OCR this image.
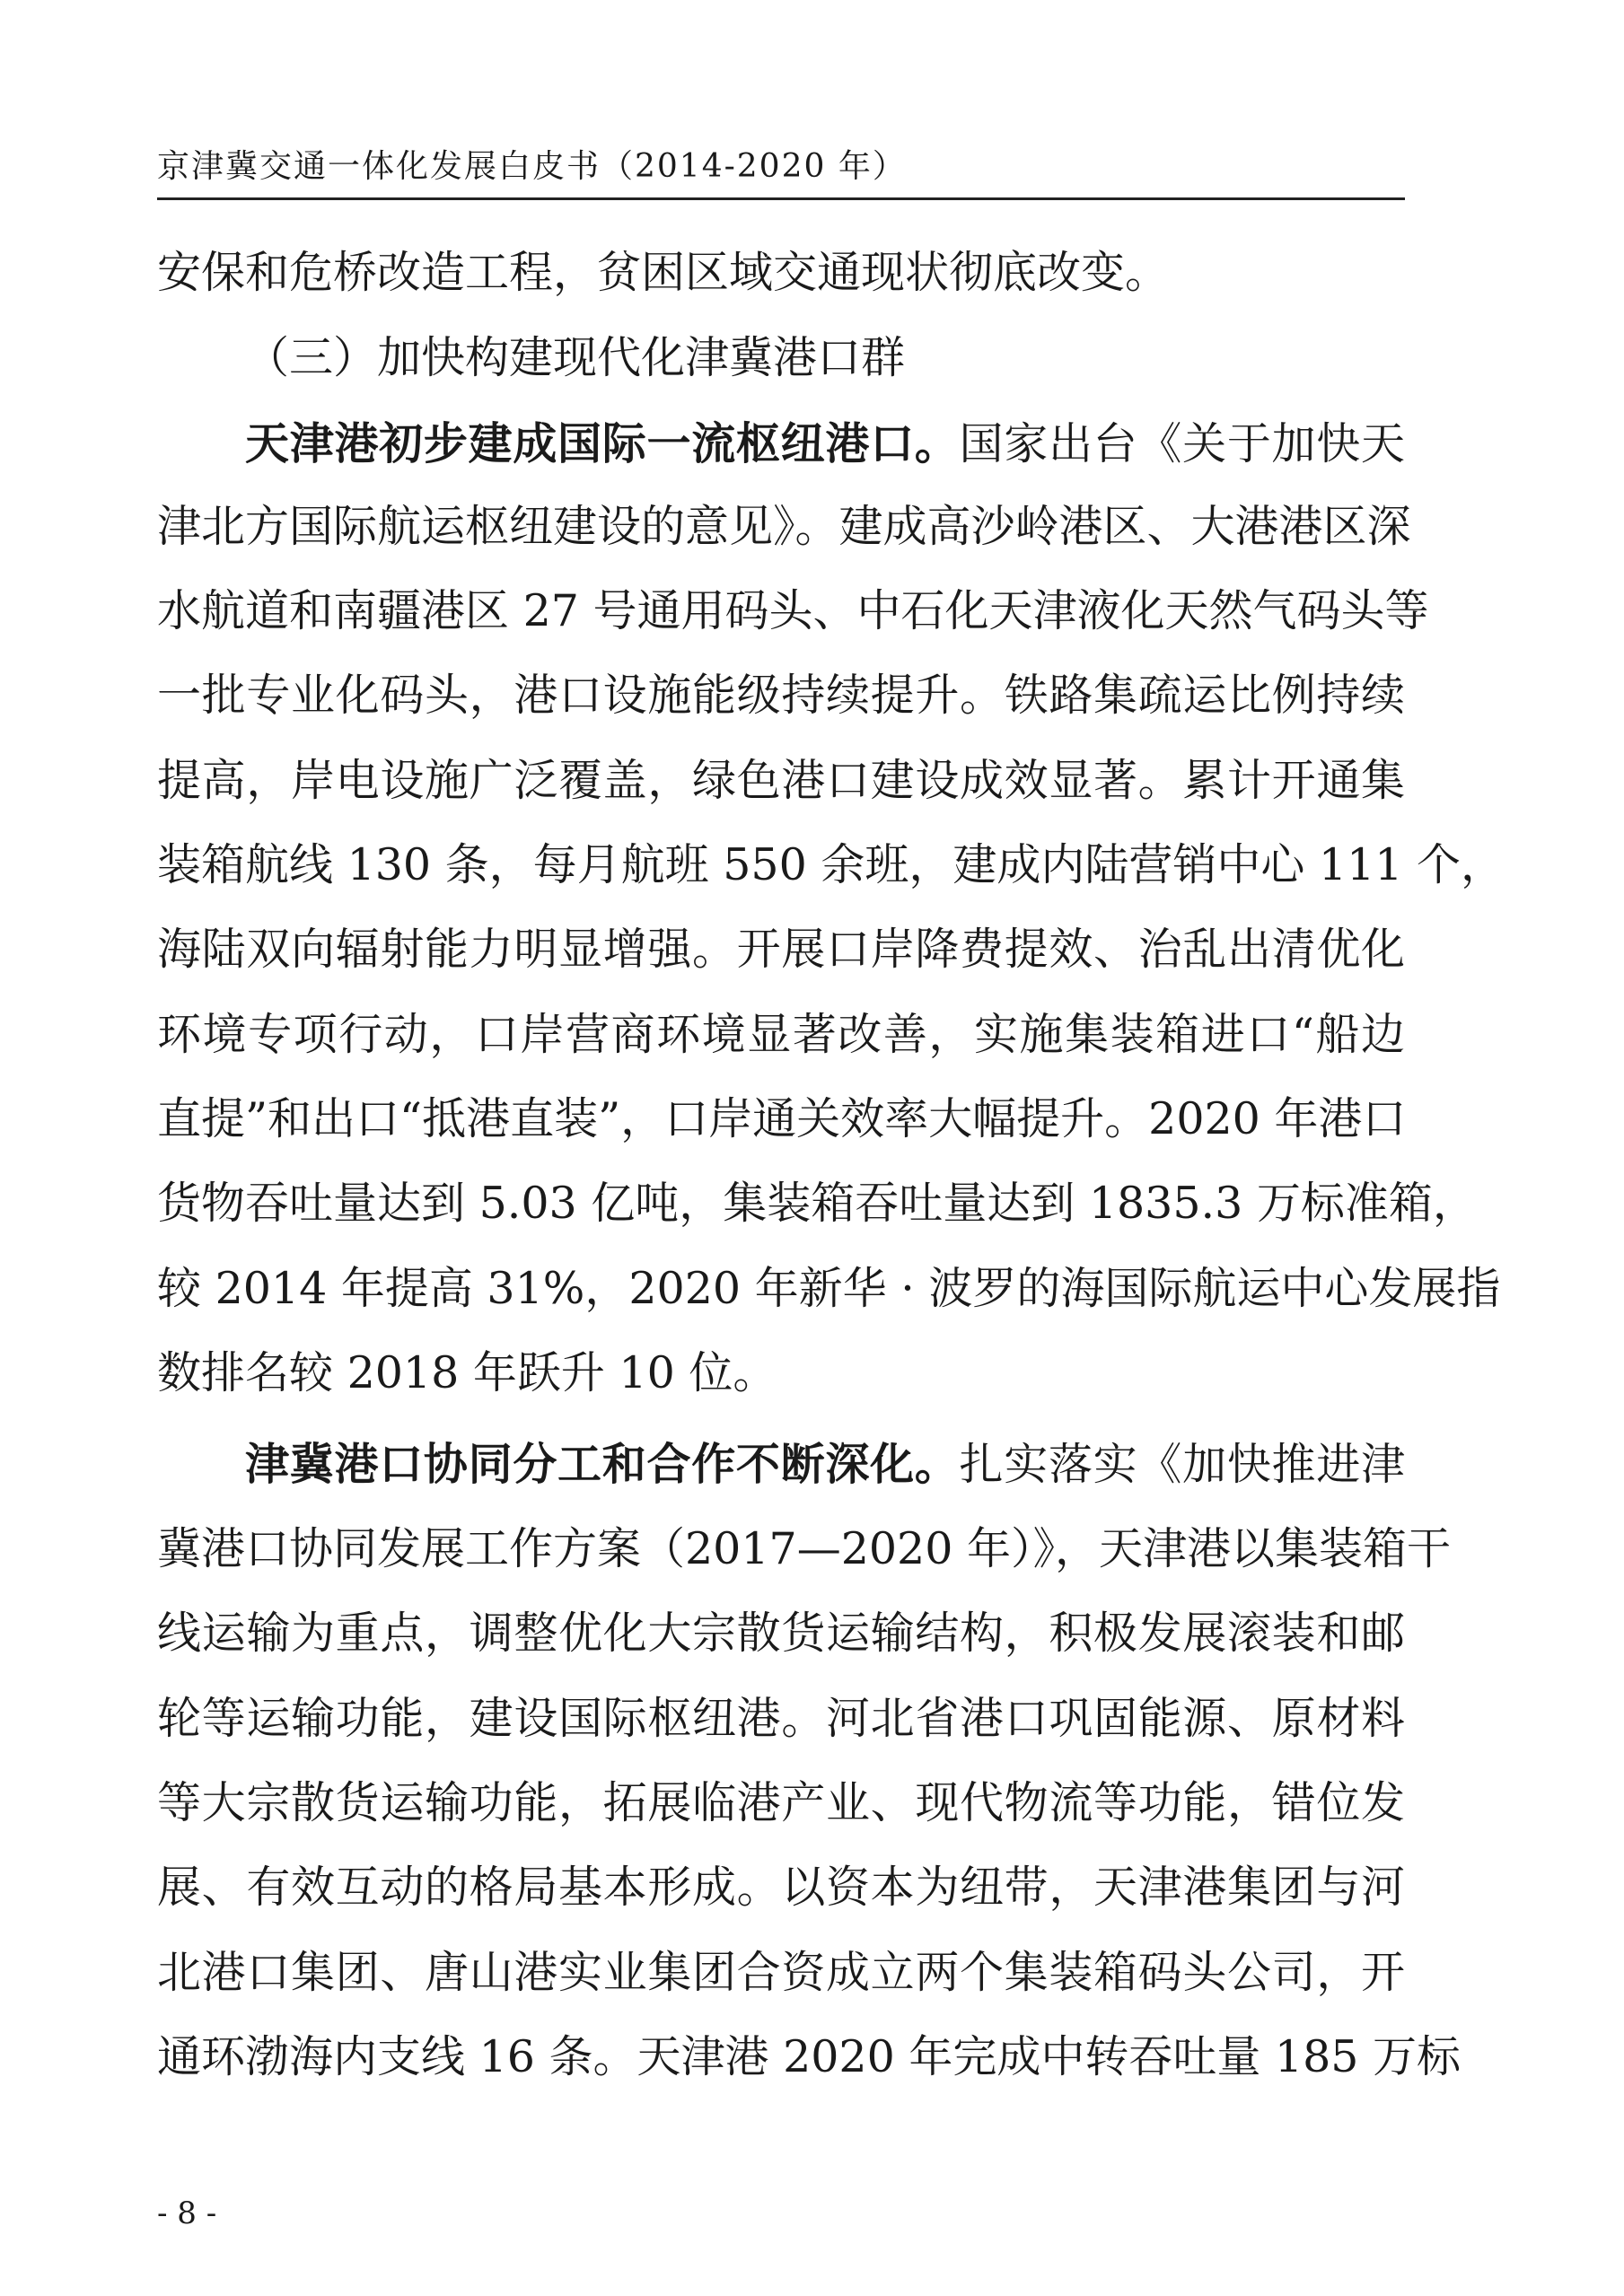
京津冀交通一体化发展白皮书（2014-2020 年）
安保和危桥改造工程，贫困区域交通现状彻底改变。
（三）加快构建现代化津冀港口群
天津港初步建成国际一流枢纽港口。国家出台《关于加快天
津北方国际航运枢纽建设的意见》。建成高沙岭港区、大港港区深
水航道和南疆港区 27 号通用码头、中石化天津液化天然气码头等
一批专业化码头，港口设施能级持续提升。铁路集疏运比例持续
提高，岸电设施广泛覆盖，绿色港口建设成效显著。累计开通集
装箱航线 130 条，每月航班 550 余班，建成内陆营销中心 111 个，
海陆双向辐射能力明显增强。开展口岸降费提效、治乱出清优化
环境专项行动，口岸营商环境显著改善，实施集装箱进口“船边
直提”和出口“抵港直装”，口岸通关效率大幅提升。2020 年港口
货物吞吐量达到 5.03 亿吨，集装箱吞吐量达到 1835.3 万标准箱，
较 2014 年提高 31%，2020 年新华 · 波罗的海国际航运中心发展指
数排名较 2018 年跃升 10 位。
津冀港口协同分工和合作不断深化。扎实落实《加快推进津
冀港口协同发展工作方案（2017—2020 年）》，天津港以集装箱干
线运输为重点，调整优化大宗散货运输结构，积极发展滚装和邮
轮等运输功能，建设国际枢纽港。河北省港口巩固能源、原材料
等大宗散货运输功能，拓展临港产业、现代物流等功能，错位发
展、有效互动的格局基本形成。以资本为纽带，天津港集团与河
北港口集团、唐山港实业集团合资成立两个集装箱码头公司，开
通环渤海内支线 16 条。天津港 2020 年完成中转吞吐量 185 万标
- 8 -
